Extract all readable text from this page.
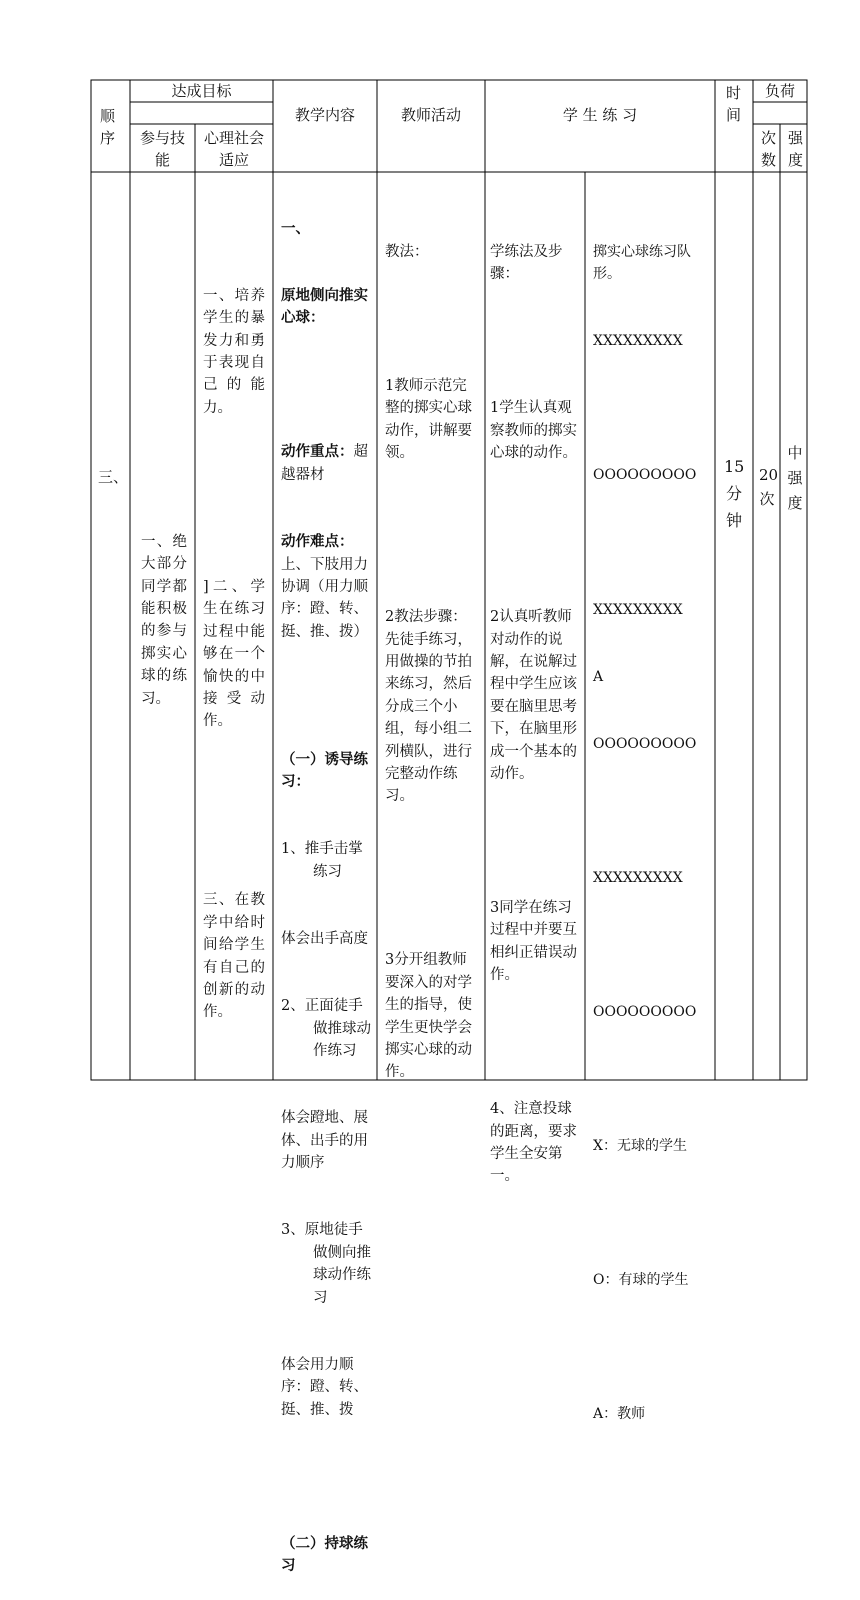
顺序
达成目标
参与技能
心理社会适应
教学内容	教师活动	学 生 练 习
时间
负荷
次数
强度
三、

一、绝大部分同学都能积极的参与掷实心球的练习。

一、培养学生的暴发力和勇于表现自己的能力。

]二、学生在练习过程中能够在一个愉快的中接受动作。

三、在教学中给时间给学生有自己的创新的动作。

一、

原地侧向推实心球：

动作重点：超越器材

动作难点：上、下肢用力协调（用力顺序：蹬、转、挺、推、拨）

（一）诱导练习：

1、推手击掌练习

体会出手高度

2、正面徒手做推球动作练习

体会蹬地、展体、出手的用力顺序

3、原地徒手做侧向推球动作练习

体会用力顺序：蹬、转、挺、推、拨

（二）持球练习

教法：

1教师示范完整的掷实心球动作，讲解要领。

2教法步骤：先徒手练习，用做操的节拍来练习，然后分成三个小组，每小组二列横队，进行完整动作练习。

3分开组教师要深入的对学生的指导，使学生更快学会掷实心球的动作。

学练法及步骤：

1学生认真观察教师的掷实心球的动作。

2认真听教师对动作的说解，在说解过程中学生应该要在脑里思考下，在脑里形成一个基本的动作。

3同学在练习过程中并要互相纠正错误动作。

4、注意投球的距离，要求学生全安第一。

掷实心球练习队形。

XXXXXXXXX

OOOOOOOOO

XXXXXXXXX

A

OOOOOOOOO

XXXXXXXXX

OOOOOOOOO

X：无球的学生

O：有球的学生

A：教师

15分钟
20次
中强度
